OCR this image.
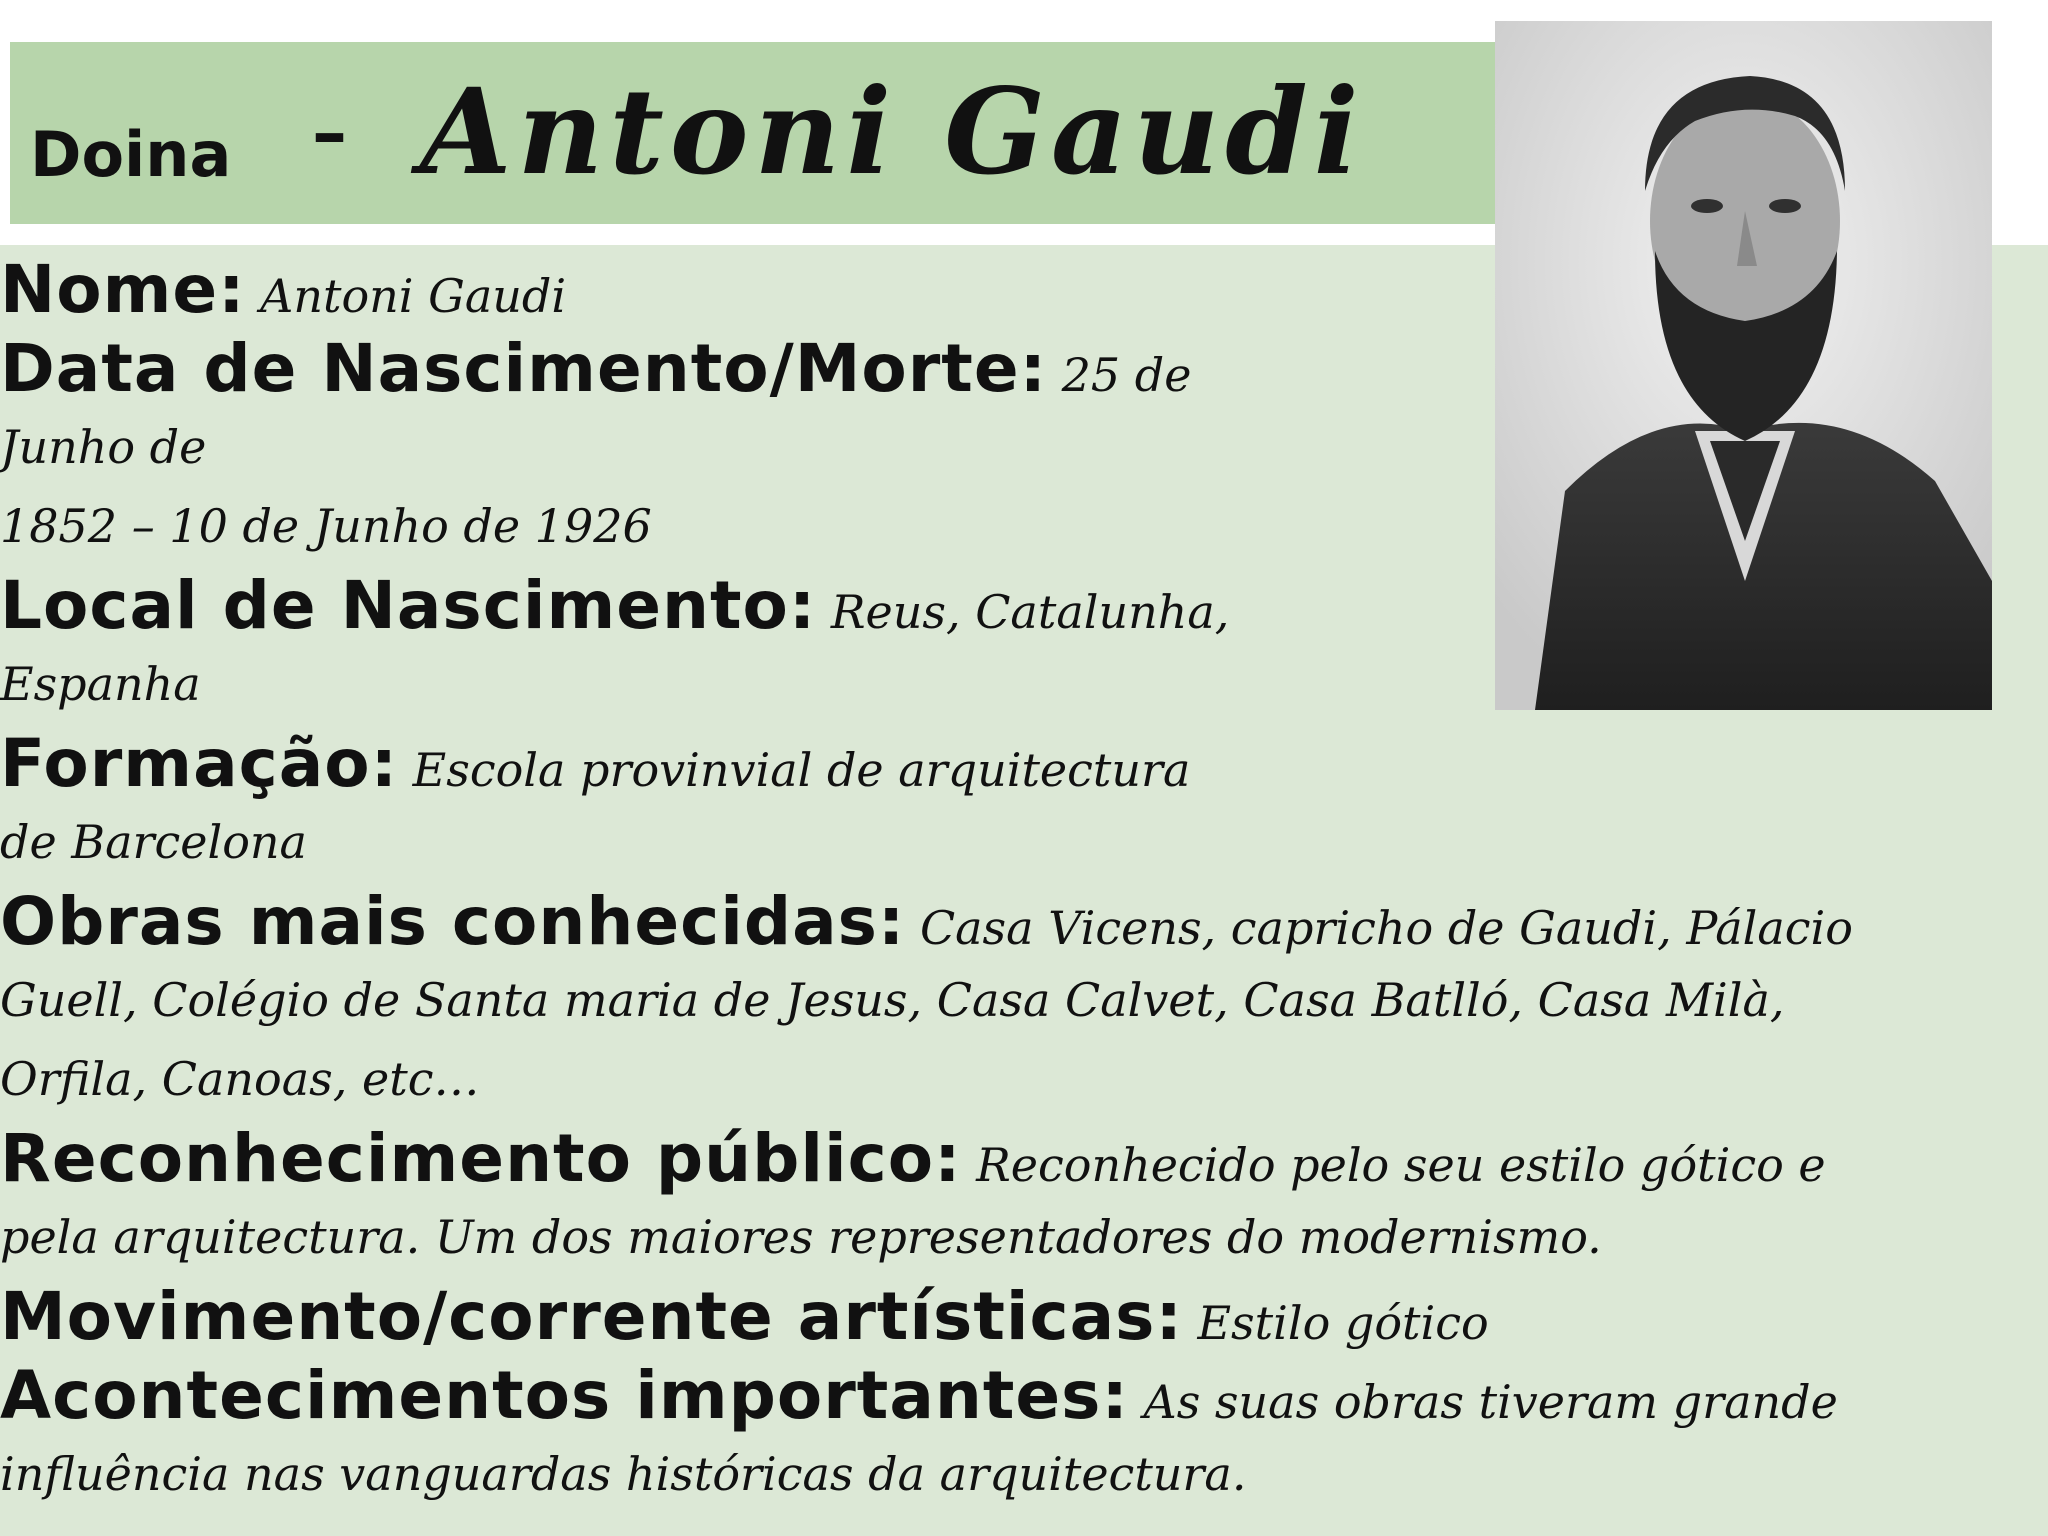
Doina – Antoni Gaudi
Nome: Antoni Gaudi
Data de Nascimento/Morte: 25 de
Junho de
1852 – 10 de Junho de 1926
Local de Nascimento: Reus, Catalunha,
Espanha
Formação: Escola provinvial de arquitectura
de Barcelona
Obras mais conhecidas: Casa Vicens, capricho de Gaudi, Pálacio
Guell, Colégio de Santa maria de Jesus, Casa Calvet, Casa Batlló, Casa Milà,
Orfila, Canoas, etc…
Reconhecimento público: Reconhecido pelo seu estilo gótico e
pela arquitectura. Um dos maiores representadores do modernismo.
Movimento/corrente artísticas: Estilo gótico
Acontecimentos importantes: As suas obras tiveram grande
influência nas vanguardas históricas da arquitectura.
